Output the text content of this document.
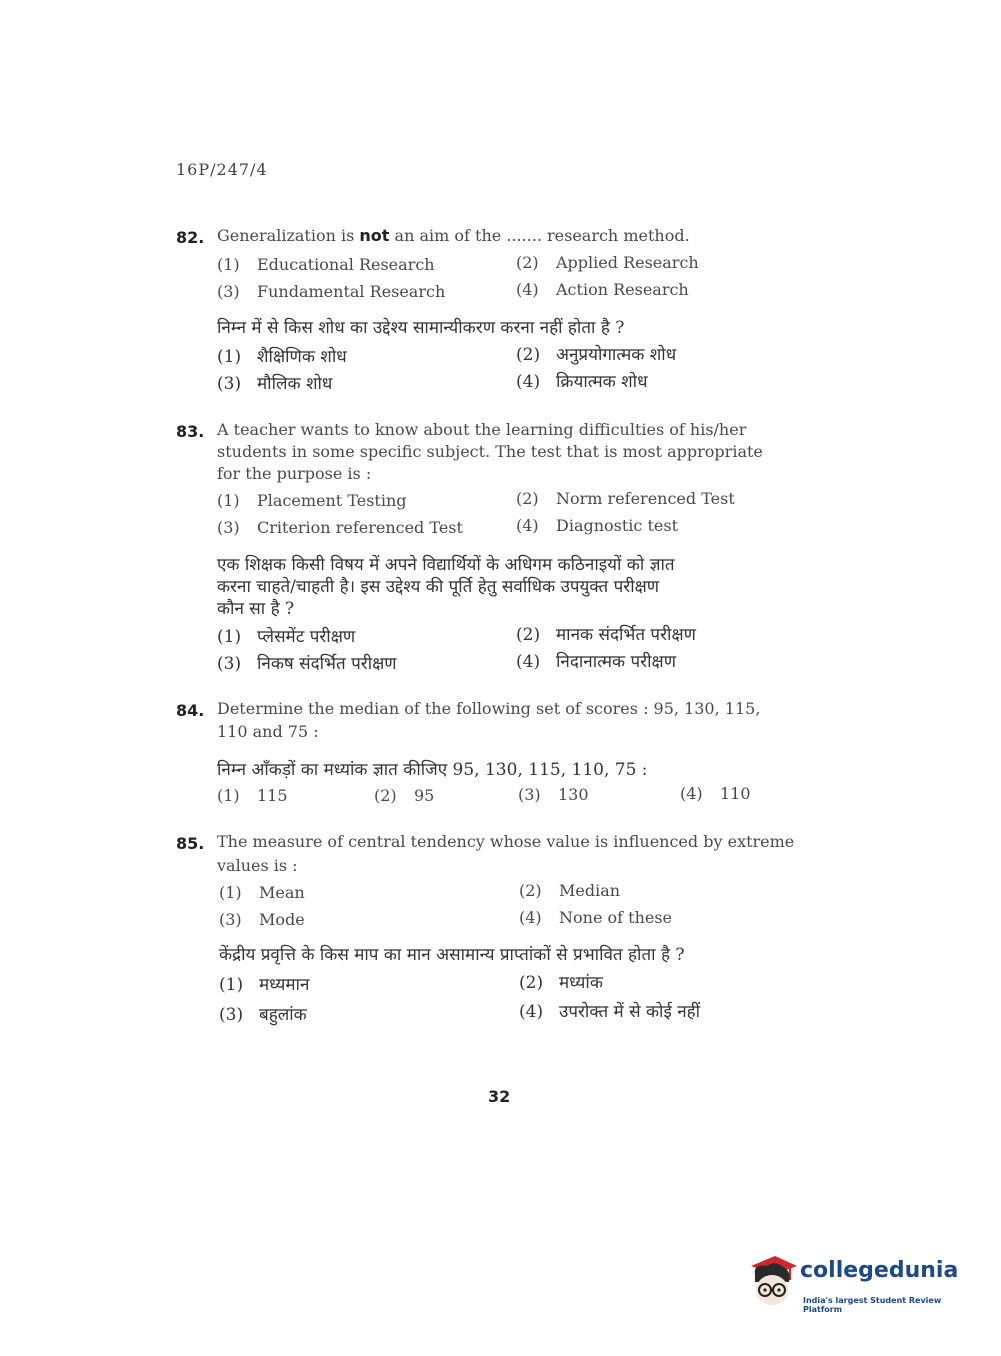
16P/247/4
82. Generalization is not an aim of the ....... research method.
(1) Educational Research	(2) Applied Research
(3) Fundamental Research	(4) Action Research
निम्न में से किस शोध का उद्देश्य सामान्यीकरण करना नहीं होता है ?
(1) शैक्षिणिक शोध	(2) अनुप्रयोगात्मक शोध
(3) मौलिक शोध	(4) क्रियात्मक शोध
83. A teacher wants to know about the learning difficulties of his/her
students in some specific subject. The test that is most appropriate
for the purpose is :
(1) Placement Testing	(2) Norm referenced Test
(3) Criterion referenced Test	(4) Diagnostic test
एक शिक्षक किसी विषय में अपने विद्यार्थियों के अधिगम कठिनाइयों को ज्ञात
करना चाहते/चाहती है। इस उद्देश्य की पूर्ति हेतु सर्वाधिक उपयुक्त परीक्षण
कौन सा है ?
(1) प्लेसमेंट परीक्षण	(2) मानक संदर्भित परीक्षण
(3) निकष संदर्भित परीक्षण	(4) निदानात्मक परीक्षण
84. Determine the median of the following set of scores : 95, 130, 115,
110 and 75 :
निम्न आँकड़ों का मध्यांक ज्ञात कीजिए 95, 130, 115, 110, 75 :
(1) 115	(2) 95	(3) 130	(4) 110
85. The measure of central tendency whose value is influenced by extreme
values is :
(1) Mean	(2) Median
(3) Mode	(4) None of these
केंद्रीय प्रवृत्ति के किस माप का मान असामान्य प्राप्तांकों से प्रभावित होता है ?
(1) मध्यमान	(2) मध्यांक
(3) बहुलांक	(4) उपरोक्त में से कोई नहीं
32
collegedunia
India's largest Student Review Platform
